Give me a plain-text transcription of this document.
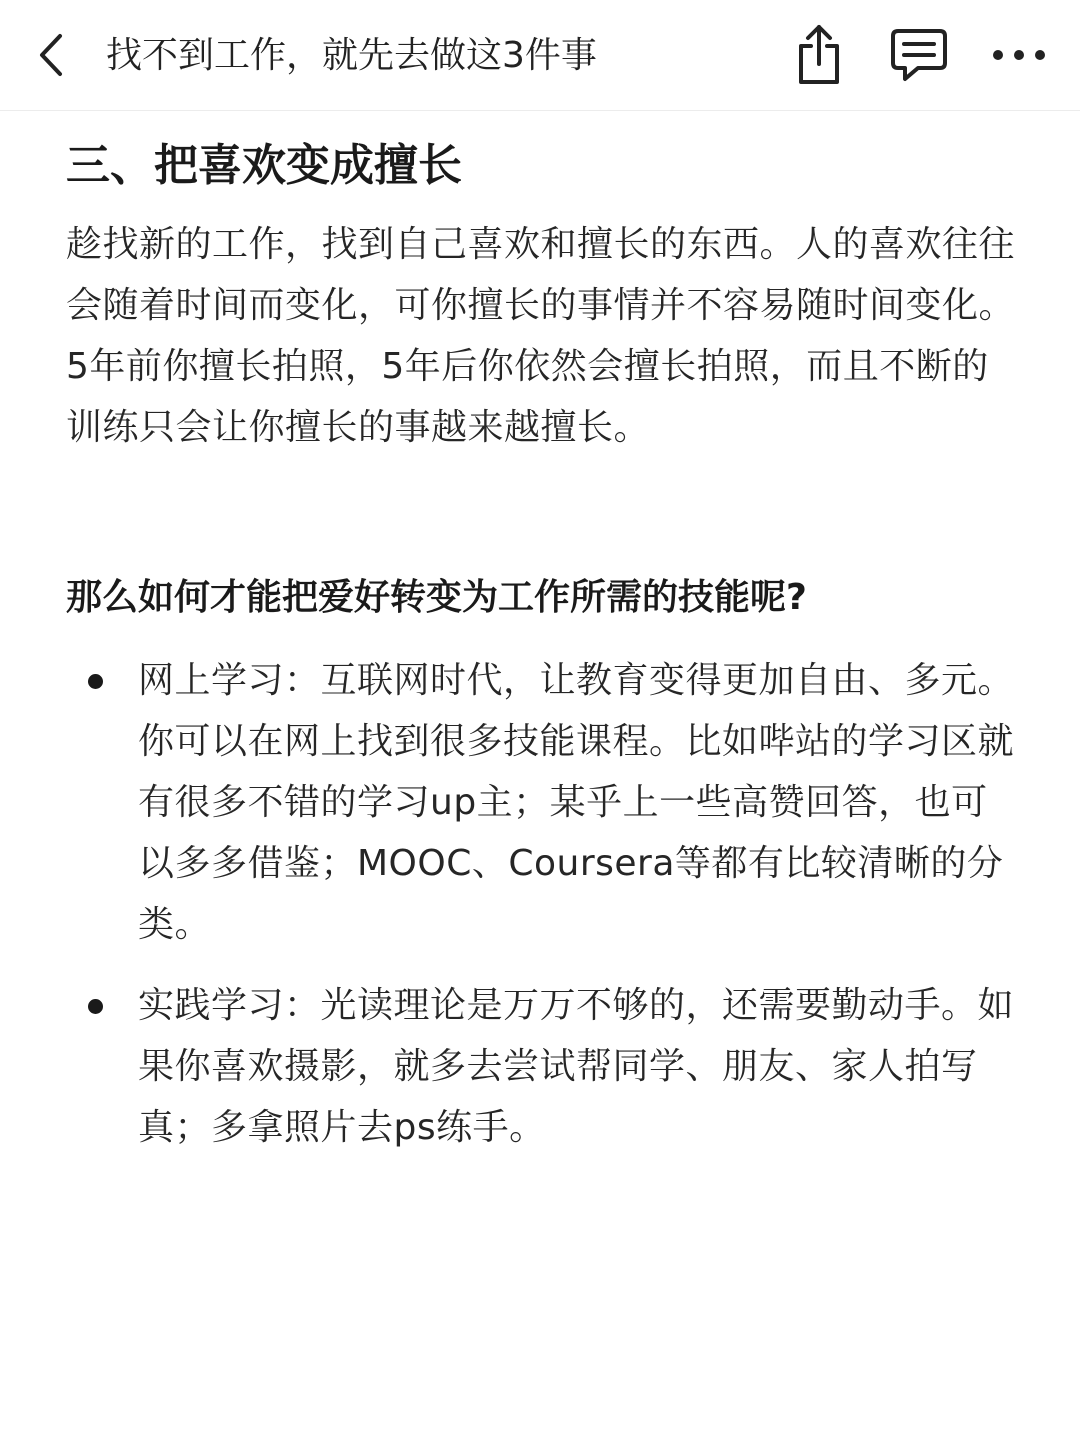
找不到工作，就先去做这3件事
三、把喜欢变成擅长

趁找新的工作，找到自己喜欢和擅长的东西。人的喜欢往往会随着时间而变化，可你擅长的事情并不容易随时间变化。5年前你擅长拍照，5年后你依然会擅长拍照，而且不断的训练只会让你擅长的事越来越擅长。

那么如何才能把爱好转变为工作所需的技能呢?

网上学习：互联网时代，让教育变得更加自由、多元。你可以在网上找到很多技能课程。比如哔站的学习区就有很多不错的学习up主；某乎上一些高赞回答，也可以多多借鉴；MOOC、Coursera等都有比较清晰的分类。
实践学习：光读理论是万万不够的，还需要勤动手。如果你喜欢摄影，就多去尝试帮同学、朋友、家人拍写真；多拿照片去ps练手。
